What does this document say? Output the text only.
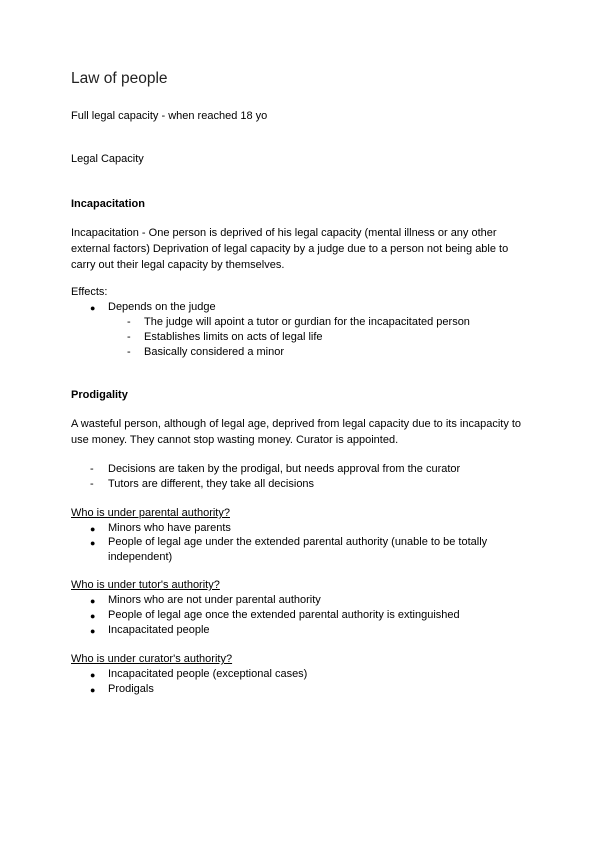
Law of people
Full legal capacity - when reached 18 yo
Legal Capacity
Incapacitation
Incapacitation - One person is deprived of his legal capacity (mental illness or any other
external factors) Deprivation of legal capacity by a judge due to a person not being able to
carry out their legal capacity by themselves.
Effects:
● Depends on the judge
- The judge will apoint a tutor or gurdian for the incapacitated person
- Establishes limits on acts of legal life
- Basically considered a minor
Prodigality
A wasteful person, although of legal age, deprived from legal capacity due to its incapacity to
use money. They cannot stop wasting money. Curator is appointed.
- Decisions are taken by the prodigal, but needs approval from the curator
- Tutors are different, they take all decisions
Who is under parental authority?
● Minors who have parents
● People of legal age under the extended parental authority (unable to be totally
independent)
Who is under tutor's authority?
● Minors who are not under parental authority
● People of legal age once the extended parental authority is extinguished
● Incapacitated people
Who is under curator's authority?
● Incapacitated people (exceptional cases)
● Prodigals
